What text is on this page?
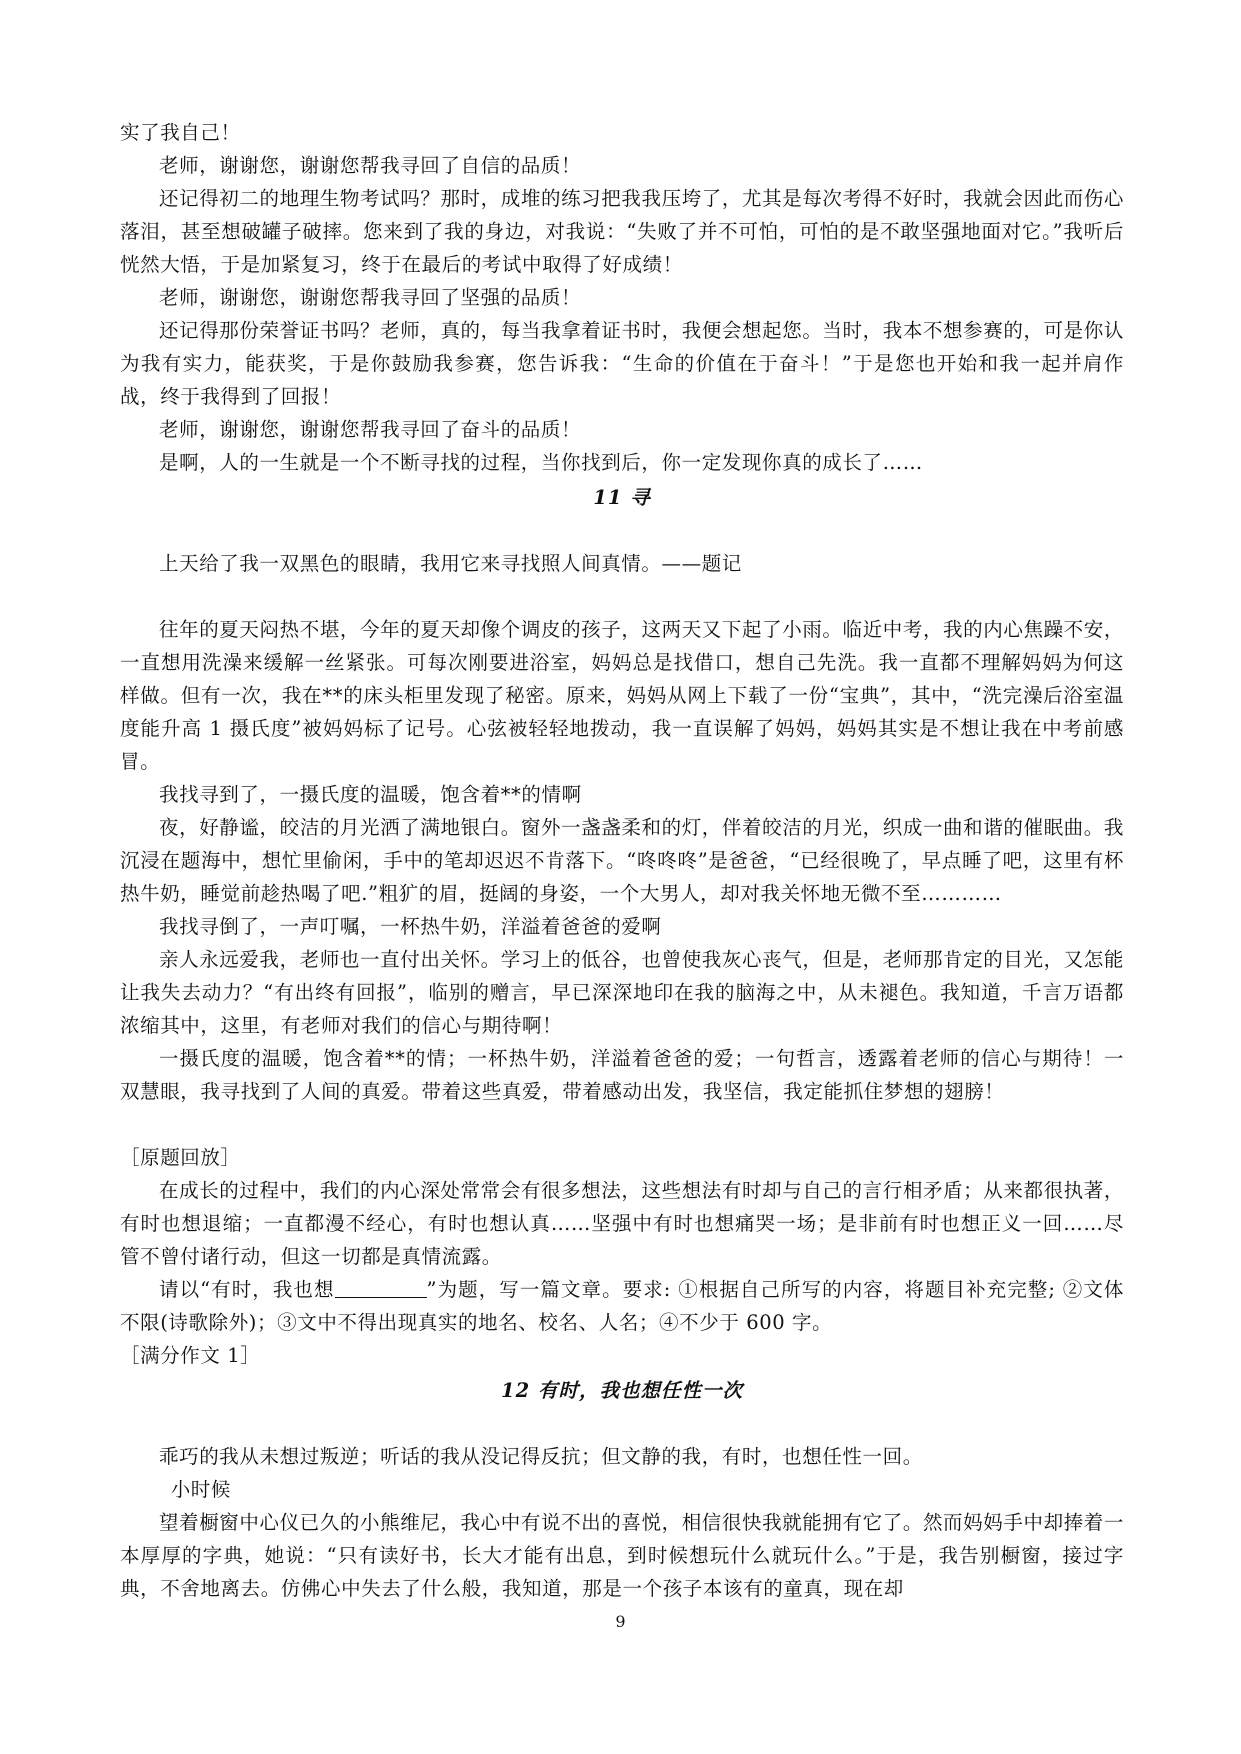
实了我自己！

老师，谢谢您，谢谢您帮我寻回了自信的品质！

还记得初二的地理生物考试吗？那时，成堆的练习把我我压垮了，尤其是每次考得不好时，我就会因此而伤心落泪，甚至想破罐子破摔。您来到了我的身边，对我说：“失败了并不可怕，可怕的是不敢坚强地面对它。”我听后恍然大悟，于是加紧复习，终于在最后的考试中取得了好成绩！

老师，谢谢您，谢谢您帮我寻回了坚强的品质！

还记得那份荣誉证书吗？老师，真的，每当我拿着证书时，我便会想起您。当时，我本不想参赛的，可是你认为我有实力，能获奖，于是你鼓励我参赛，您告诉我：“生命的价值在于奋斗！”于是您也开始和我一起并肩作战，终于我得到了回报！

老师，谢谢您，谢谢您帮我寻回了奋斗的品质！

是啊，人的一生就是一个不断寻找的过程，当你找到后，你一定发现你真的成长了……

11 寻

上天给了我一双黑色的眼睛，我用它来寻找照人间真情。——题记

往年的夏天闷热不堪，今年的夏天却像个调皮的孩子，这两天又下起了小雨。临近中考，我的内心焦躁不安，一直想用洗澡来缓解一丝紧张。可每次刚要进浴室，妈妈总是找借口，想自己先洗。我一直都不理解妈妈为何这样做。但有一次，我在**的床头柜里发现了秘密。原来，妈妈从网上下载了一份“宝典”，其中，“洗完澡后浴室温度能升高 1 摄氏度”被妈妈标了记号。心弦被轻轻地拨动，我一直误解了妈妈，妈妈其实是不想让我在中考前感冒。

我找寻到了，一摄氏度的温暖，饱含着**的情啊

夜，好静谧，皎洁的月光洒了满地银白。窗外一盏盏柔和的灯，伴着皎洁的月光，织成一曲和谐的催眠曲。我沉浸在题海中，想忙里偷闲，手中的笔却迟迟不肯落下。“咚咚咚”是爸爸，“已经很晚了，早点睡了吧，这里有杯热牛奶，睡觉前趁热喝了吧.”粗犷的眉，挺阔的身姿，一个大男人，却对我关怀地无微不至…………

我找寻倒了，一声叮嘱，一杯热牛奶，洋溢着爸爸的爱啊

亲人永远爱我，老师也一直付出关怀。学习上的低谷，也曾使我灰心丧气，但是，老师那肯定的目光，又怎能让我失去动力？“有出终有回报”，临别的赠言，早已深深地印在我的脑海之中，从未褪色。我知道，千言万语都浓缩其中，这里，有老师对我们的信心与期待啊！

一摄氏度的温暖，饱含着**的情；一杯热牛奶，洋溢着爸爸的爱；一句哲言，透露着老师的信心与期待！一双慧眼，我寻找到了人间的真爱。带着这些真爱，带着感动出发，我坚信，我定能抓住梦想的翅膀！

［原题回放］

在成长的过程中，我们的内心深处常常会有很多想法，这些想法有时却与自己的言行相矛盾；从来都很执著，有时也想退缩；一直都漫不经心，有时也想认真……坚强中有时也想痛哭一场；是非前有时也想正义一回……尽管不曾付诸行动，但这一切都是真情流露。

请以“有时，我也想	”为题，写一篇文章。要求: ①根据自己所写的内容，将题目补充完整; ②文体不限(诗歌除外)；③文中不得出现真实的地名、校名、人名；④不少于 600 字。

［满分作文 1］

12 有时，我也想任性一次

乖巧的我从未想过叛逆；听话的我从没记得反抗；但文静的我，有时，也想任性一回。

小时候

望着橱窗中心仪已久的小熊维尼，我心中有说不出的喜悦，相信很快我就能拥有它了。然而妈妈手中却捧着一本厚厚的字典，她说：“只有读好书，长大才能有出息，到时候想玩什么就玩什么。”于是，我告别橱窗，接过字典，不舍地离去。仿佛心中失去了什么般，我知道，那是一个孩子本该有的童真，现在却

9
